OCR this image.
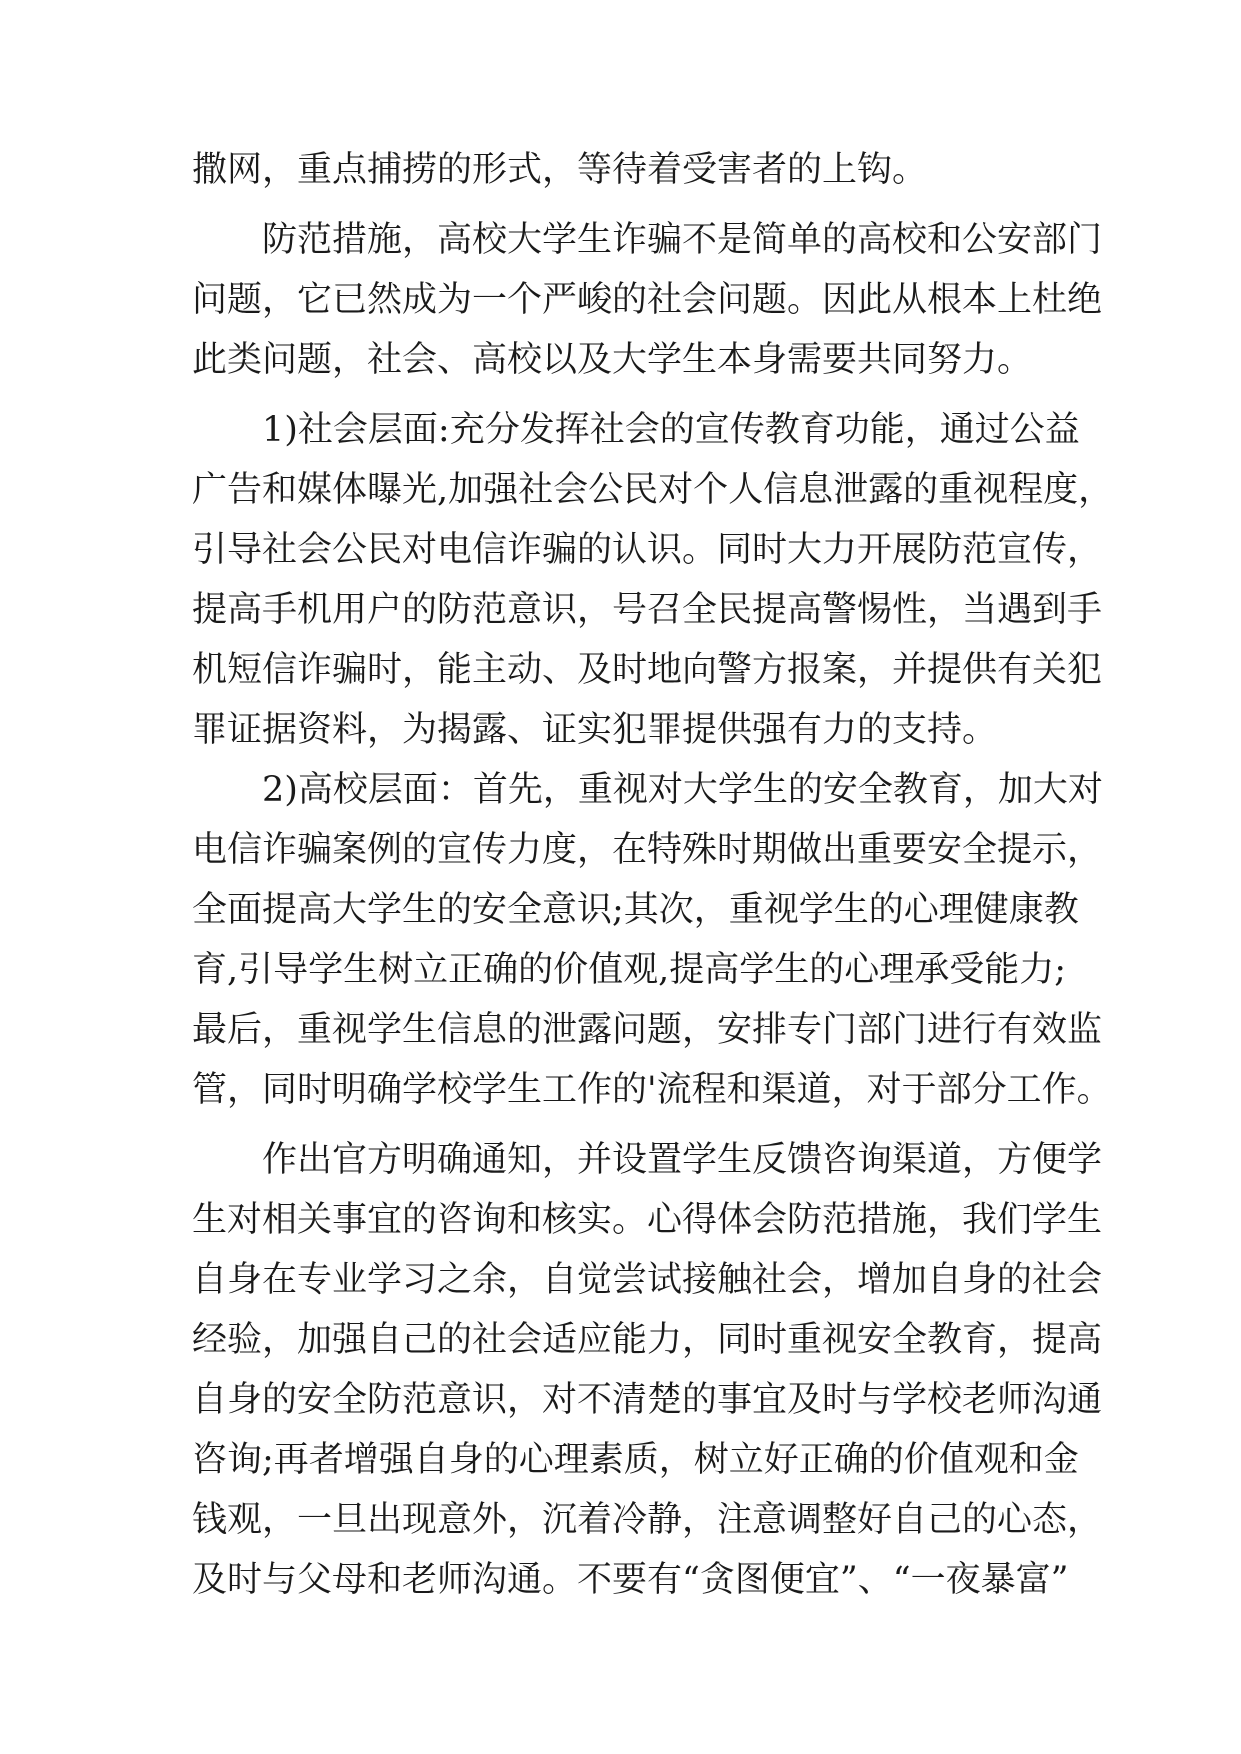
撒网，重点捕捞的形式，等待着受害者的上钩。
防范措施，高校大学生诈骗不是简单的高校和公安部门
问题，它已然成为一个严峻的社会问题。因此从根本上杜绝
此类问题，社会、高校以及大学生本身需要共同努力。
1)社会层面:充分发挥社会的宣传教育功能，通过公益
广告和媒体曝光,加强社会公民对个人信息泄露的重视程度，
引导社会公民对电信诈骗的认识。同时大力开展防范宣传，
提高手机用户的防范意识，号召全民提高警惕性，当遇到手
机短信诈骗时，能主动、及时地向警方报案，并提供有关犯
罪证据资料，为揭露、证实犯罪提供强有力的支持。
2)高校层面：首先，重视对大学生的安全教育，加大对
电信诈骗案例的宣传力度，在特殊时期做出重要安全提示，
全面提高大学生的安全意识;其次，重视学生的心理健康教
育,引导学生树立正确的价值观,提高学生的心理承受能力;
最后，重视学生信息的泄露问题，安排专门部门进行有效监
管，同时明确学校学生工作的'流程和渠道，对于部分工作。
作出官方明确通知，并设置学生反馈咨询渠道，方便学
生对相关事宜的咨询和核实。心得体会防范措施，我们学生
自身在专业学习之余，自觉尝试接触社会，增加自身的社会
经验，加强自己的社会适应能力，同时重视安全教育，提高
自身的安全防范意识，对不清楚的事宜及时与学校老师沟通
咨询;再者增强自身的心理素质，树立好正确的价值观和金
钱观，一旦出现意外，沉着冷静，注意调整好自己的心态，
及时与父母和老师沟通。不要有“贪图便宜”、“一夜暴富”
